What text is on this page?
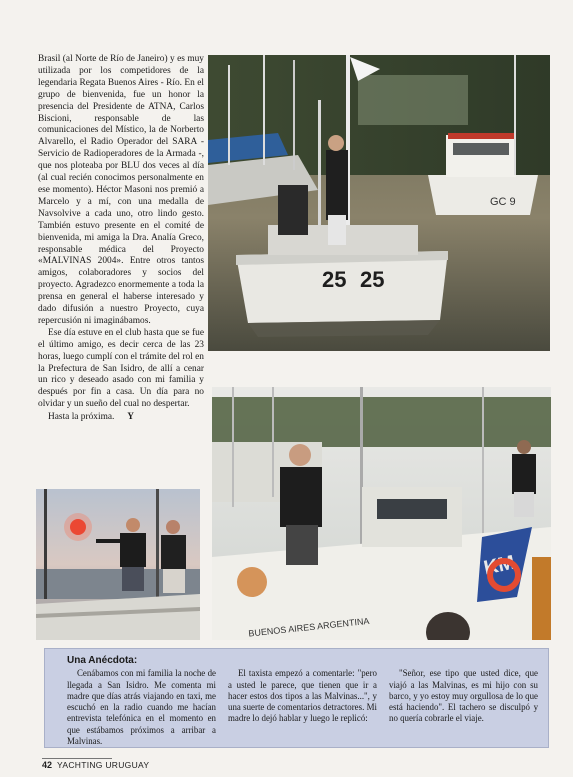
Brasil (al Norte de Río de Janeiro) y es muy utilizada por los competidores de la legendaria Regata Buenos Aires - Río. En el grupo de bienvenida, fue un honor la presencia del Presidente de ATNA, Carlos Biscioni, responsable de las comunicaciones del Místico, la de Norberto Alvarello, el Radio Operador del SARA - Servicio de Radioperadores de la Armada -, que nos ploteaba por BLU dos veces al día (al cual recién conocimos personalmente en ese momento). Héctor Masoni nos premió a Marcelo y a mí, con una medalla de Navsolvive a cada uno, otro lindo gesto. También estuvo presente en el comité de bienvenida, mi amiga la Dra. Analía Greco, responsable médica del Proyecto «MALVINAS 2004». Entre otros tantos amigos, colaboradores y socios del proyecto. Agradezco enormemente a toda la prensa en general el haberse interesado y dado difusión a nuestro Proyecto, cuya repercusión ni imaginábamos.

Ese día estuve en el club hasta que se fue el último amigo, es decir cerca de las 23 horas, luego cumplí con el trámite del rol en la Prefectura de San Isidro, de allí a cenar un rico y deseado asado con mi familia y después por fin a casa. Un día para no olvidar y un sueño del cual no despertar.

Hasta la próxima. Y

GC 9
25 25
KM
BUENOS AIRES ARGENTINA
Una Anécdota:

Cenábamos con mi familia la noche de llegada a San Isidro. Me comenta mi madre que días atrás viajando en taxi, me escuchó en la radio cuando me hacían entrevista telefónica en el momento en que estábamos próximos a arribar a Malvinas.

El taxista empezó a comentarle: "pero a usted le parece, que tienen que ir a hacer estos dos tipos a las Malvinas...", y una suerte de comentarios detractores. Mi madre lo dejó hablar y luego le replicó:

"Señor, ese tipo que usted dice, que viajó a las Malvinas, es mi hijo con su barco, y yo estoy muy orgullosa de lo que está haciendo". El tachero se disculpó y no quería cobrarle el viaje.

42 YACHTING URUGUAY
